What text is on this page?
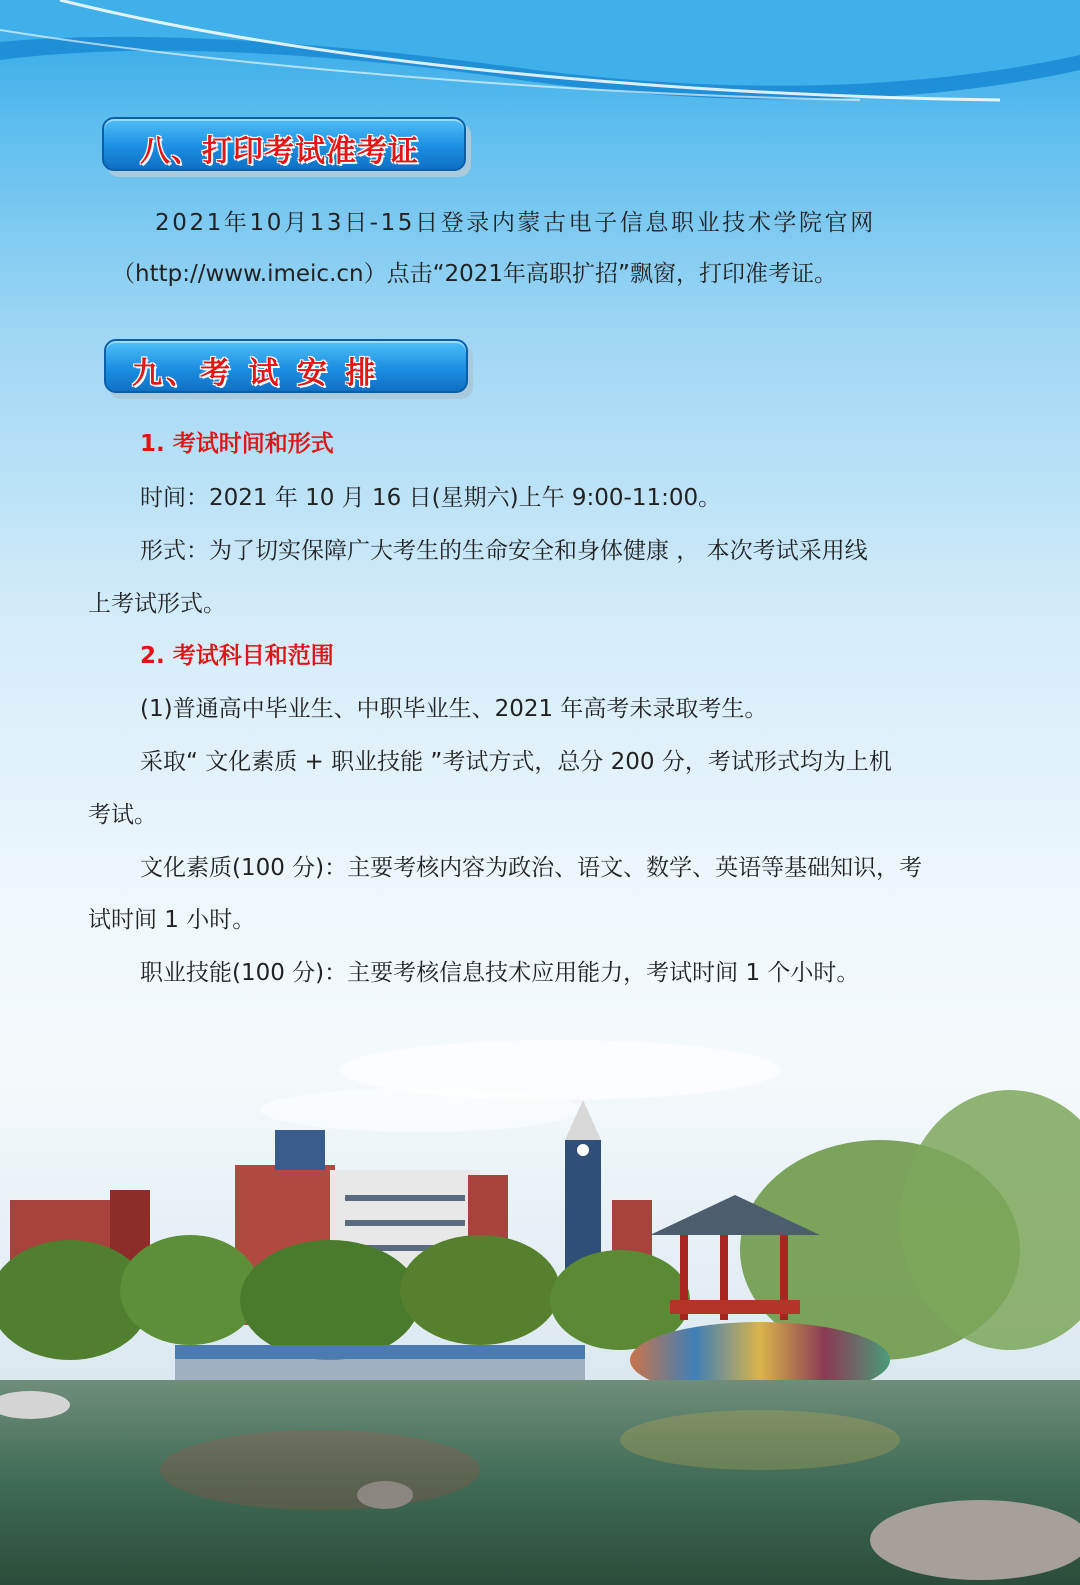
八、打印考试准考证
2021年10月13日-15日登录内蒙古电子信息职业技术学院官网
（http://www.imeic.cn）点击“2021年高职扩招”飘窗，打印准考证。
九、考 试 安 排
1. 考试时间和形式
时间：2021 年 10 月 16 日(星期六)上午 9:00-11:00。
形式：为了切实保障广大考生的生命安全和身体健康 ， 本次考试采用线
上考试形式。
2. 考试科目和范围
(1)普通高中毕业生、中职毕业生、2021 年高考未录取考生。
采取“ 文化素质 + 职业技能 ”考试方式，总分 200 分，考试形式均为上机
考试。
文化素质(100 分)：主要考核内容为政治、语文、数学、英语等基础知识，考
试时间 1 小时。
职业技能(100 分)：主要考核信息技术应用能力，考试时间 1 个小时。
